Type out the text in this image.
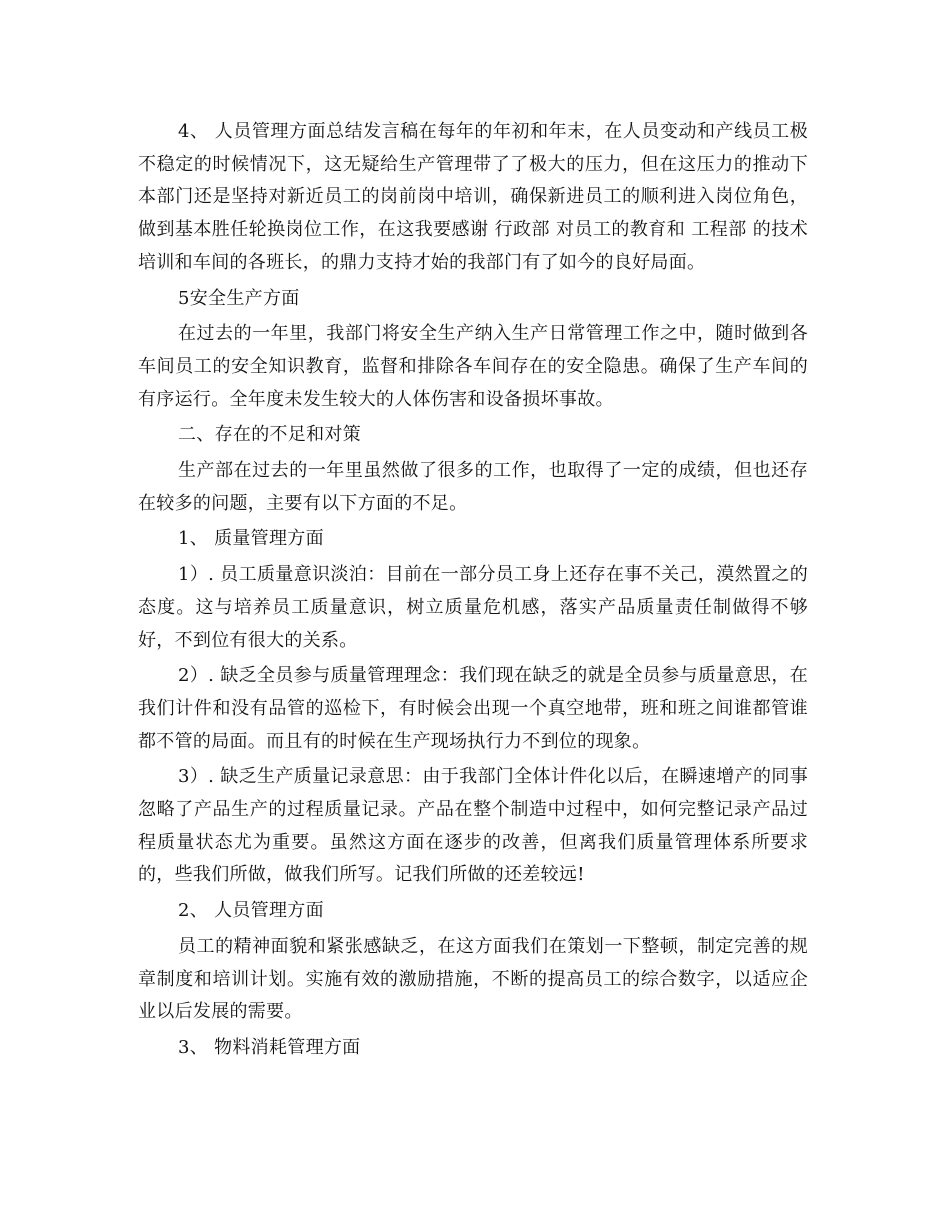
4、 人员管理方面总结发言稿在每年的年初和年末，在人员变动和产线员工极不稳定的时候情况下，这无疑给生产管理带了了极大的压力，但在这压力的推动下本部门还是坚持对新近员工的岗前岗中培训，确保新进员工的顺利进入岗位角色，做到基本胜任轮换岗位工作，在这我要感谢 行政部 对员工的教育和 工程部 的技术培训和车间的各班长，的鼎力支持才始的我部门有了如今的良好局面。

5安全生产方面

在过去的一年里，我部门将安全生产纳入生产日常管理工作之中，随时做到各车间员工的安全知识教育，监督和排除各车间存在的安全隐患。确保了生产车间的有序运行。全年度未发生较大的人体伤害和设备损坏事故。

二、存在的不足和对策

生产部在过去的一年里虽然做了很多的工作，也取得了一定的成绩，但也还存在较多的问题，主要有以下方面的不足。

1、 质量管理方面

1）. 员工质量意识淡泊：目前在一部分员工身上还存在事不关己，漠然置之的态度。这与培养员工质量意识，树立质量危机感，落实产品质量责任制做得不够好，不到位有很大的关系。

2）. 缺乏全员参与质量管理理念：我们现在缺乏的就是全员参与质量意思，在我们计件和没有品管的巡检下，有时候会出现一个真空地带，班和班之间谁都管谁都不管的局面。而且有的时候在生产现场执行力不到位的现象。

3）. 缺乏生产质量记录意思：由于我部门全体计件化以后，在瞬速增产的同事忽略了产品生产的过程质量记录。产品在整个制造中过程中，如何完整记录产品过程质量状态尤为重要。虽然这方面在逐步的改善，但离我们质量管理体系所要求的，些我们所做，做我们所写。记我们所做的还差较远!

2、 人员管理方面

员工的精神面貌和紧张感缺乏，在这方面我们在策划一下整顿，制定完善的规章制度和培训计划。实施有效的激励措施，不断的提高员工的综合数字，以适应企业以后发展的需要。

3、 物料消耗管理方面
